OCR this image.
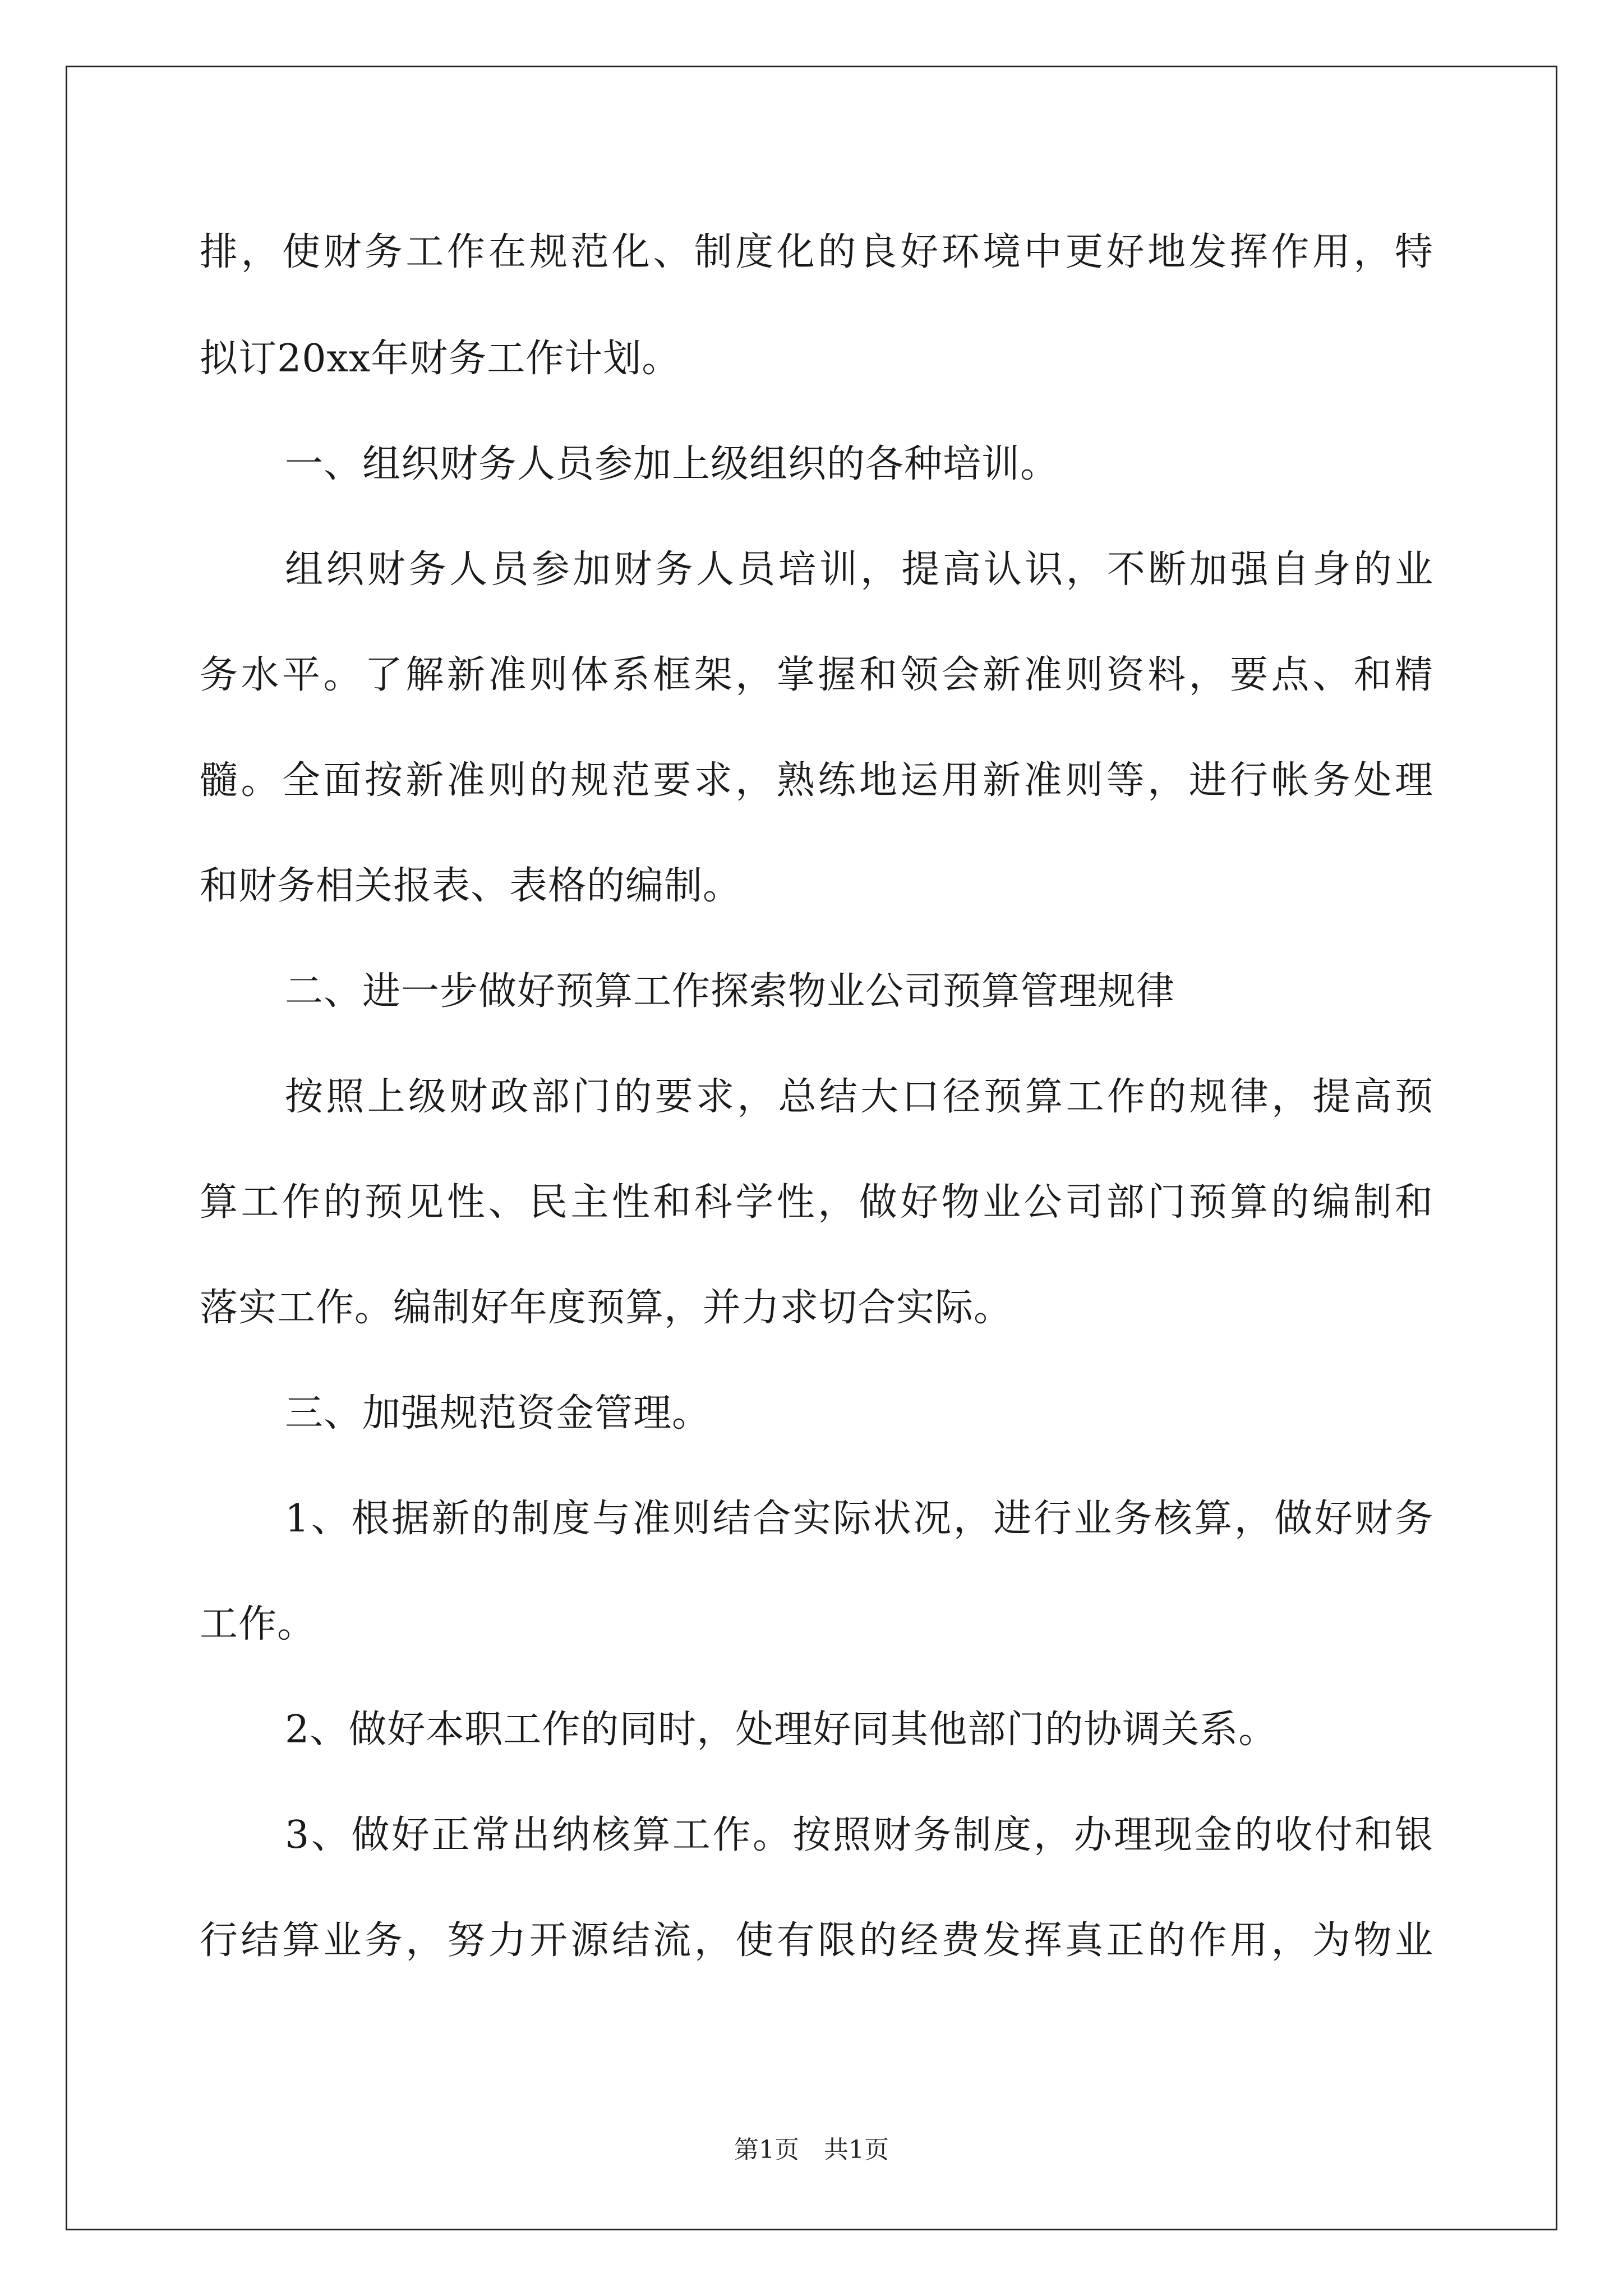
排，使财务工作在规范化、制度化的良好环境中更好地发挥作用，特
拟订20xx年财务工作计划。
一、组织财务人员参加上级组织的各种培训。
组织财务人员参加财务人员培训，提高认识，不断加强自身的业
务水平。了解新准则体系框架，掌握和领会新准则资料，要点、和精
髓。全面按新准则的规范要求，熟练地运用新准则等，进行帐务处理
和财务相关报表、表格的编制。
二、进一步做好预算工作探索物业公司预算管理规律
按照上级财政部门的要求，总结大口径预算工作的规律，提高预
算工作的预见性、民主性和科学性，做好物业公司部门预算的编制和
落实工作。编制好年度预算，并力求切合实际。
三、加强规范资金管理。
1、根据新的制度与准则结合实际状况，进行业务核算，做好财务
工作。
2、做好本职工作的同时，处理好同其他部门的协调关系。
3、做好正常出纳核算工作。按照财务制度，办理现金的收付和银
行结算业务，努力开源结流，使有限的经费发挥真正的作用，为物业
第1页　共1页
